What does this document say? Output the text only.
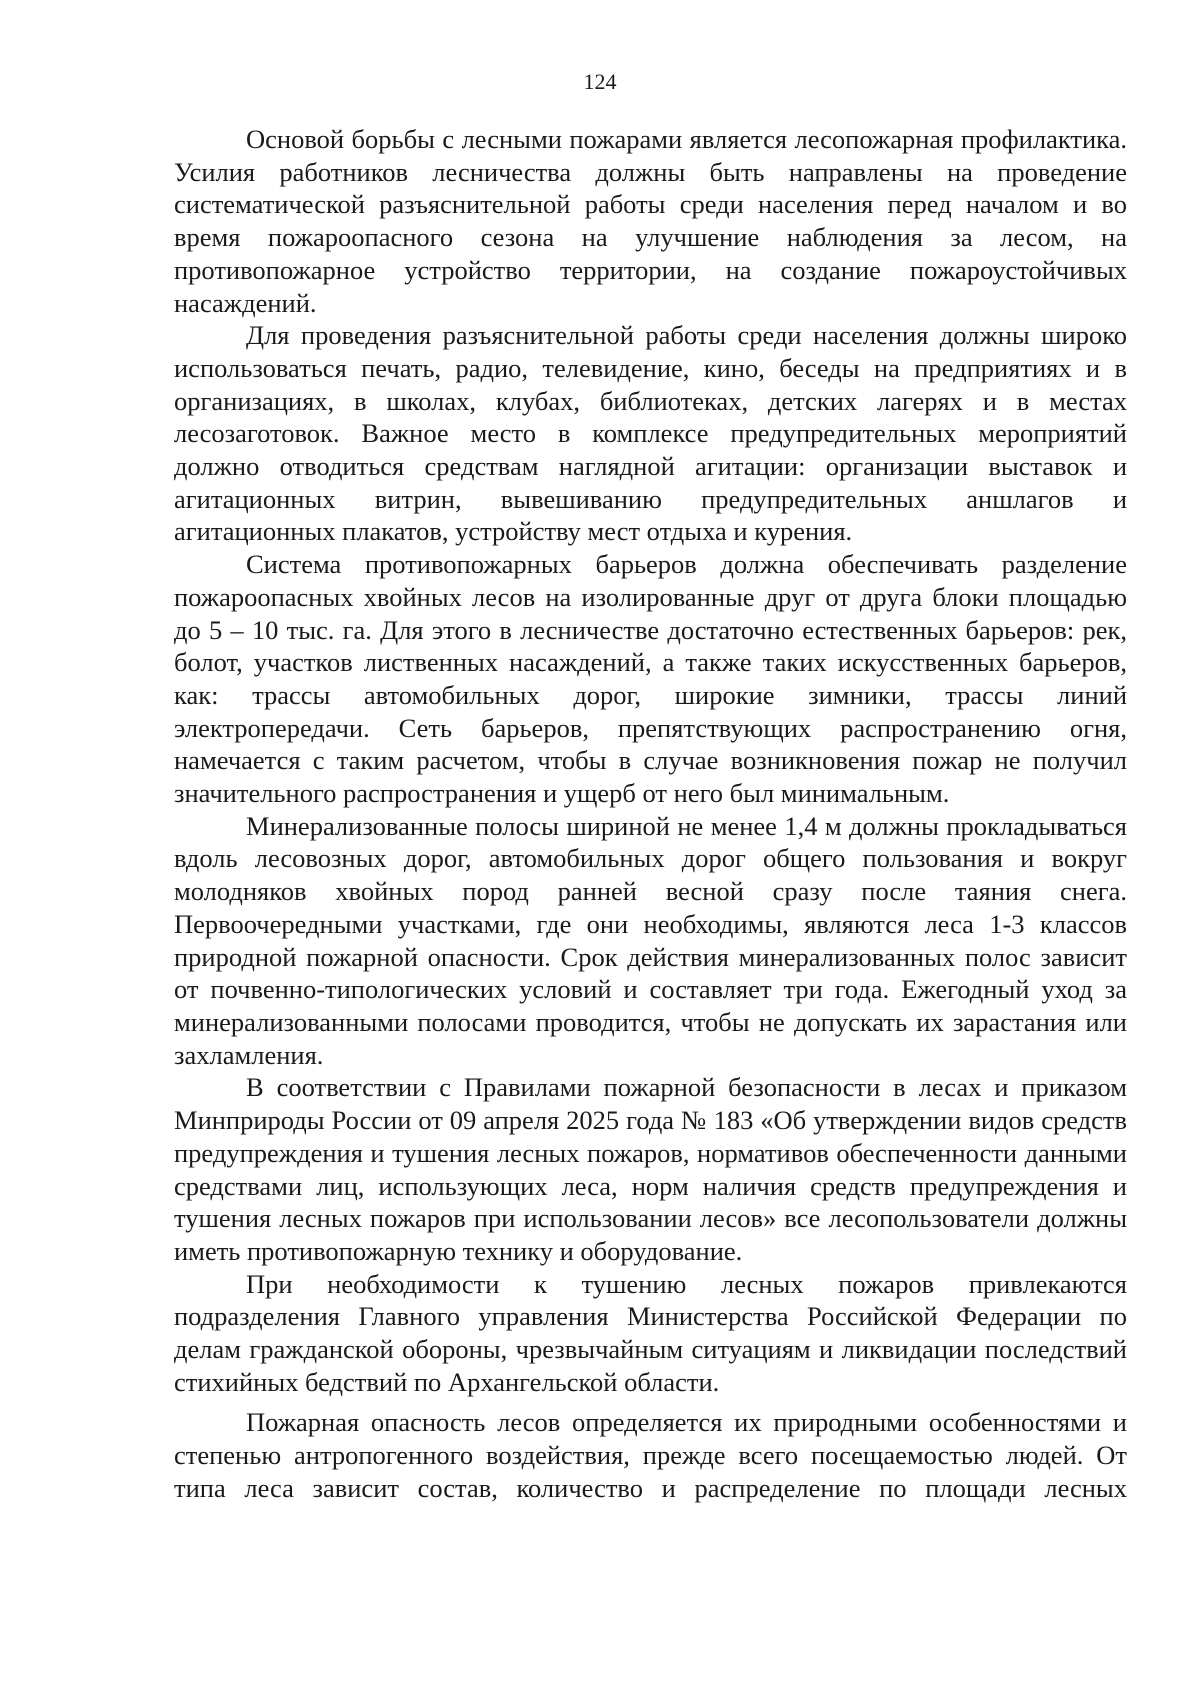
124

Основой борьбы с лесными пожарами является лесопожарная профилактика. Усилия работников лесничества должны быть направлены на проведение систематической разъяснительной работы среди населения перед началом и во время пожароопасного сезона на улучшение наблюдения за лесом, на противопожарное устройство территории, на создание пожароустойчивых насаждений.

Для проведения разъяснительной работы среди населения должны широко использоваться печать, радио, телевидение, кино, беседы на предприятиях и в организациях, в школах, клубах, библиотеках, детских лагерях и в местах лесозаготовок. Важное место в комплексе предупредительных мероприятий должно отводиться средствам наглядной агитации: организации выставок и агитационных витрин, вывешиванию предупредительных аншлагов и агитационных плакатов, устройству мест отдыха и курения.

Система противопожарных барьеров должна обеспечивать разделение пожароопасных хвойных лесов на изолированные друг от друга блоки площадью до 5 – 10 тыс. га. Для этого в лесничестве достаточно естественных барьеров: рек, болот, участков лиственных насаждений, а также таких искусственных барьеров, как: трассы автомобильных дорог, широкие зимники, трассы линий электропередачи. Сеть барьеров, препятствующих распространению огня, намечается с таким расчетом, чтобы в случае возникновения пожар не получил значительного распространения и ущерб от него был минимальным.

Минерализованные полосы шириной не менее 1,4 м должны прокладываться вдоль лесовозных дорог, автомобильных дорог общего пользования и вокруг молодняков хвойных пород ранней весной сразу после таяния снега. Первоочередными участками, где они необходимы, являются леса 1-3 классов природной пожарной опасности. Срок действия минерализованных полос зависит от почвенно-типологических условий и составляет три года. Ежегодный уход за минерализованными полосами проводится, чтобы не допускать их зарастания или захламления.

В соответствии с Правилами пожарной безопасности в лесах и приказом Минприроды России от 09 апреля 2025 года № 183 «Об утверждении видов средств предупреждения и тушения лесных пожаров, нормативов обеспеченности данными средствами лиц, использующих леса, норм наличия средств предупреждения и тушения лесных пожаров при использовании лесов» все лесопользователи должны иметь противопожарную технику и оборудование.

При необходимости к тушению лесных пожаров привлекаются подразделения Главного управления Министерства Российской Федерации по делам гражданской обороны, чрезвычайным ситуациям и ликвидации последствий стихийных бедствий по Архангельской области.

Пожарная опасность лесов определяется их природными особенностями и степенью антропогенного воздействия, прежде всего посещаемостью людей. От типа леса зависит состав, количество и распределение по площади лесных
